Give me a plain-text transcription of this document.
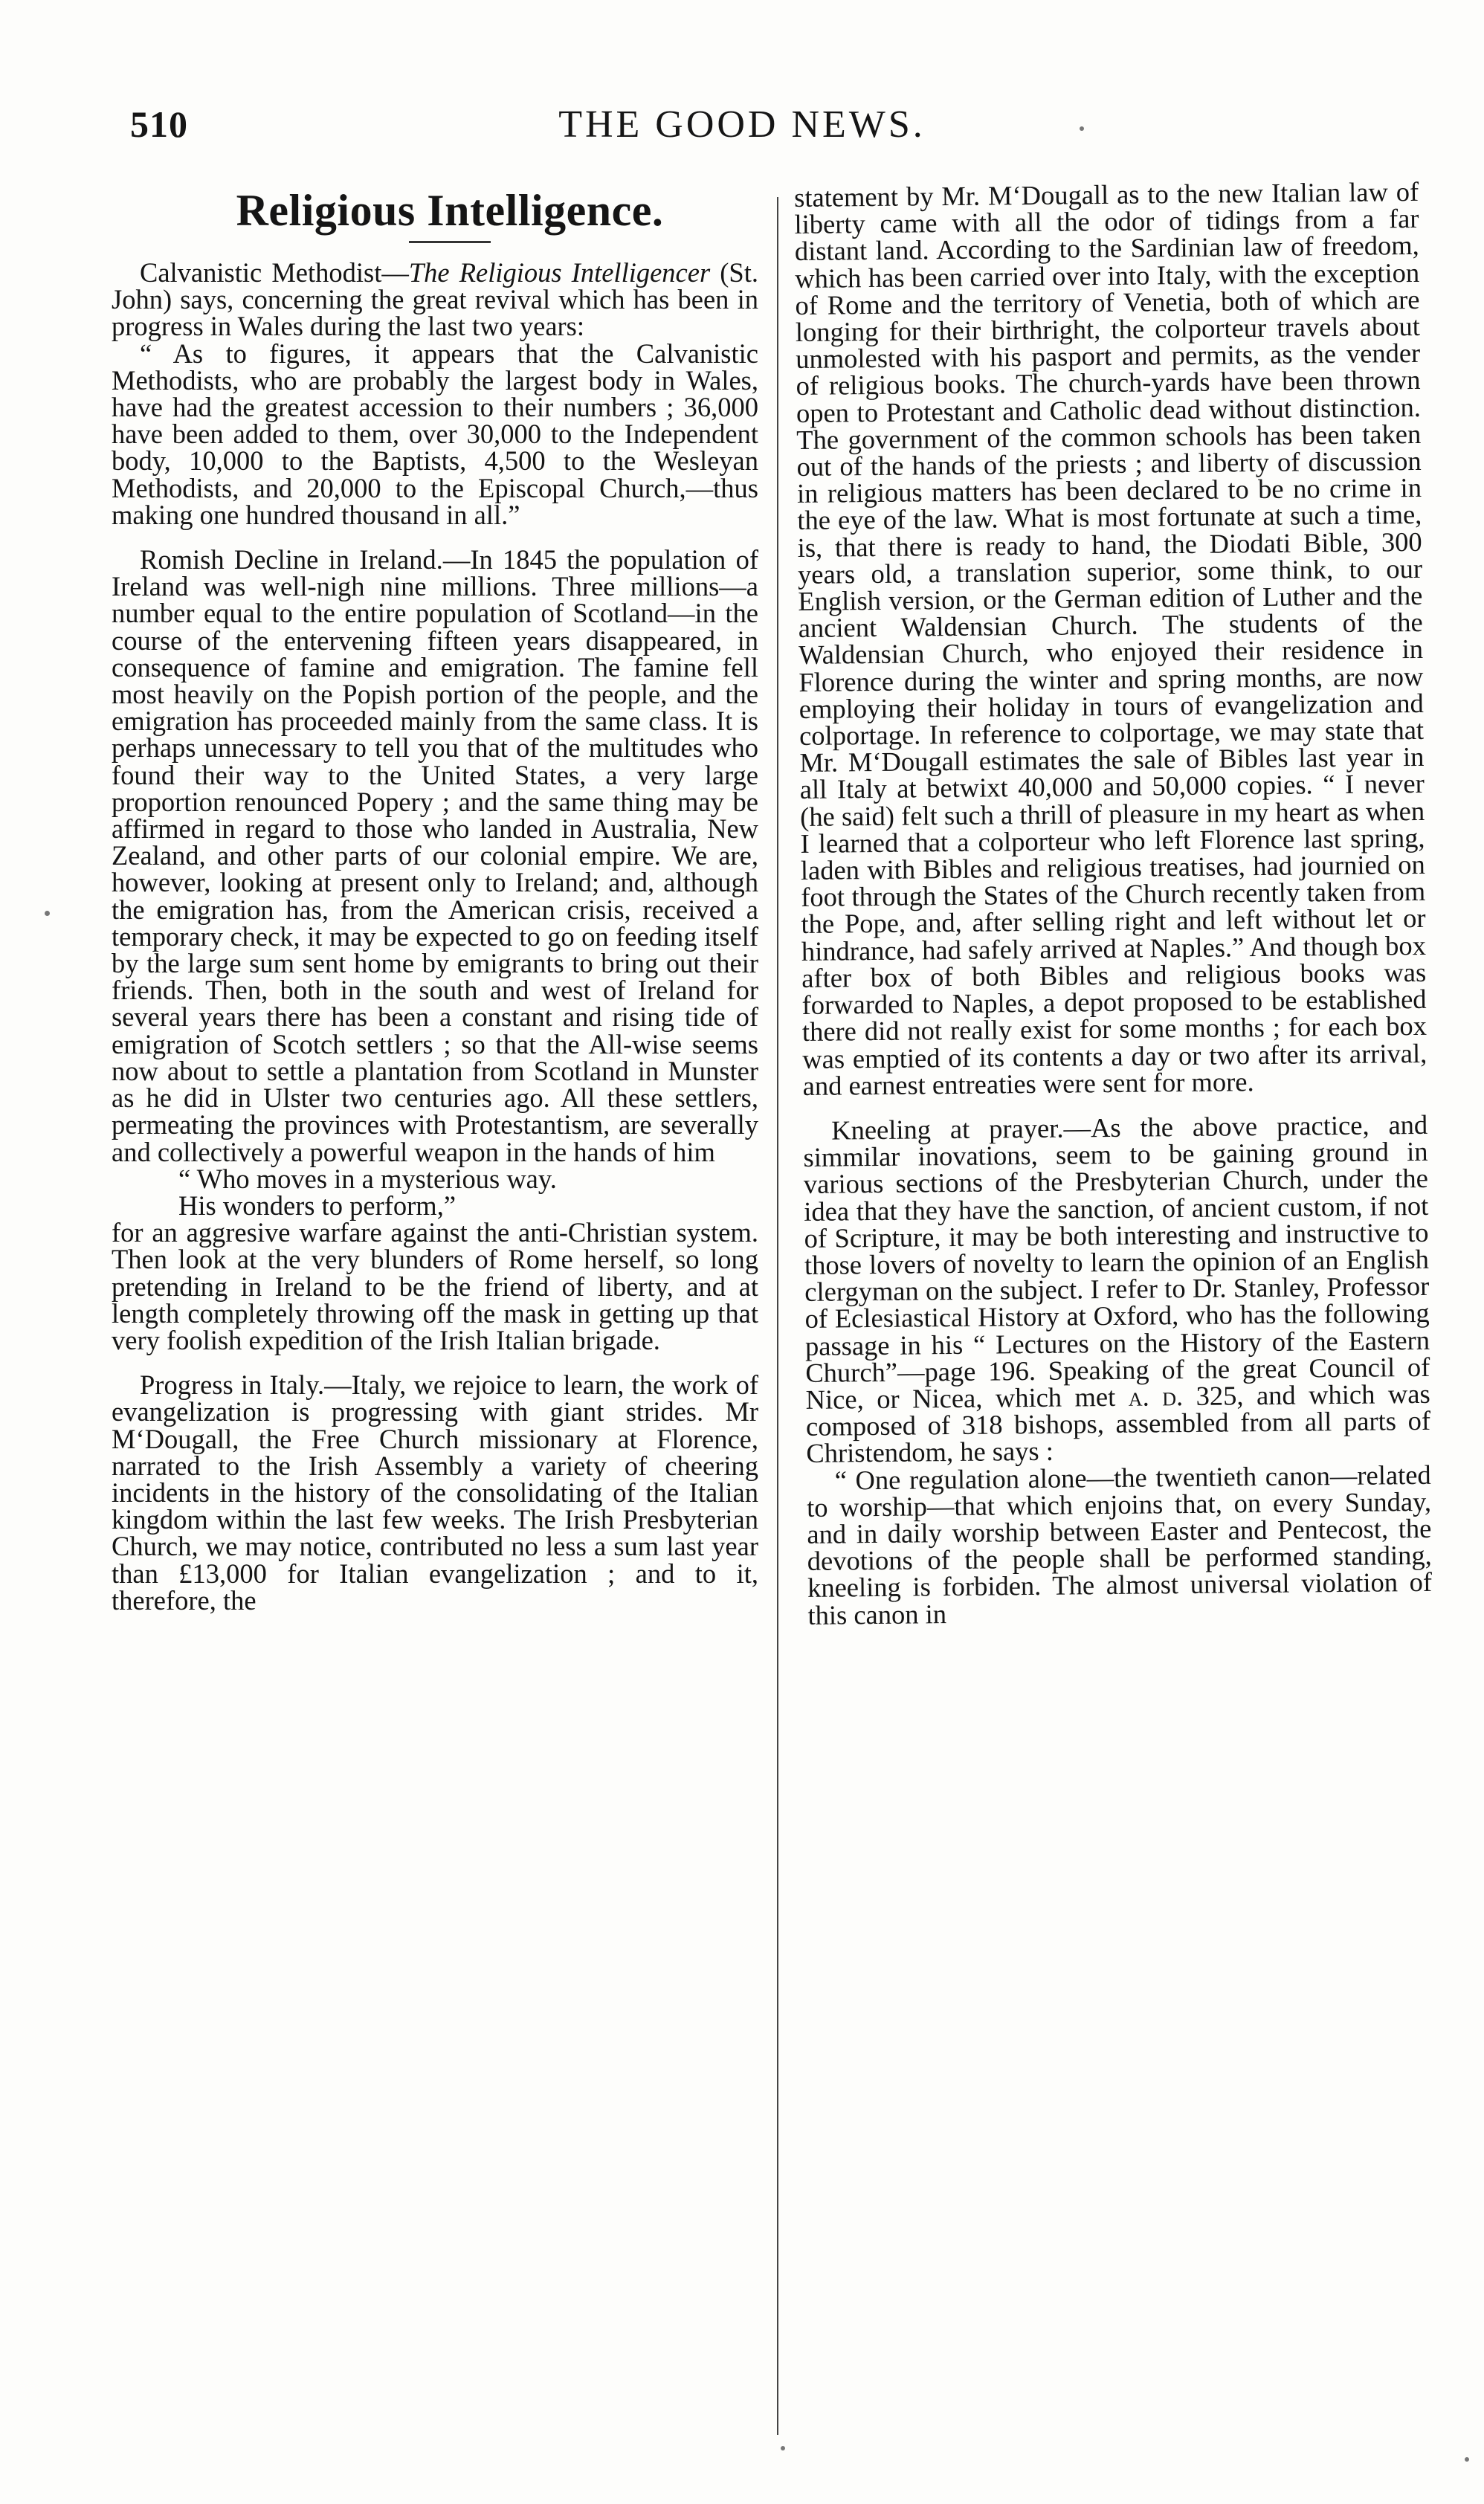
510	THE GOOD NEWS.
Religious Intelligence.

Calvanistic Methodist—The Religious Intelligencer (St. John) says, concerning the great revival which has been in progress in Wales during the last two years:

“ As to figures, it appears that the Calvanistic Methodists, who are probably the largest body in Wales, have had the greatest accession to their numbers ; 36,000 have been added to them, over 30,000 to the Independent body, 10,000 to the Baptists, 4,500 to the Wesleyan Methodists, and 20,000 to the Episcopal Church,—thus making one hundred thousand in all.”

Romish Decline in Ireland.—In 1845 the population of Ireland was well-nigh nine millions. Three millions—a number equal to the entire population of Scotland—in the course of the entervening fifteen years disappeared, in consequence of famine and emigration. The famine fell most heavily on the Popish portion of the people, and the emigration has proceeded mainly from the same class. It is perhaps unnecessary to tell you that of the multitudes who found their way to the United States, a very large proportion renounced Popery ; and the same thing may be affirmed in regard to those who landed in Australia, New Zealand, and other parts of our colonial empire. We are, however, looking at present only to Ireland; and, although the emigration has, from the American crisis, received a temporary check, it may be expected to go on feeding itself by the large sum sent home by emigrants to bring out their friends. Then, both in the south and west of Ireland for several years there has been a constant and rising tide of emigration of Scotch settlers ; so that the All-wise seems now about to settle a plantation from Scotland in Munster as he did in Ulster two centuries ago. All these settlers, permeating the provinces with Protestantism, are severally and collectively a powerful weapon in the hands of him

“ Who moves in a mysterious way.
His wonders to perform,”

for an aggresive warfare against the anti-Christian system. Then look at the very blunders of Rome herself, so long pretending in Ireland to be the friend of liberty, and at length completely throwing off the mask in getting up that very foolish expedition of the Irish Italian brigade.

Progress in Italy.—Italy, we rejoice to learn, the work of evangelization is progressing with giant strides. Mr M‘Dougall, the Free Church missionary at Florence, narrated to the Irish Assembly a variety of cheering incidents in the history of the consolidating of the Italian kingdom within the last few weeks. The Irish Presbyterian Church, we may notice, contributed no less a sum last year than £13,000 for Italian evangelization ; and to it, therefore, the

statement by Mr. M‘Dougall as to the new Italian law of liberty came with all the odor of tidings from a far distant land. According to the Sardinian law of freedom, which has been carried over into Italy, with the exception of Rome and the territory of Venetia, both of which are longing for their birthright, the colporteur travels about unmolested with his pasport and permits, as the vender of religious books. The church-yards have been thrown open to Protestant and Catholic dead without distinction. The government of the common schools has been taken out of the hands of the priests ; and liberty of discussion in religious matters has been declared to be no crime in the eye of the law. What is most fortunate at such a time, is, that there is ready to hand, the Diodati Bible, 300 years old, a translation superior, some think, to our English version, or the German edition of Luther and the ancient Waldensian Church. The students of the Waldensian Church, who enjoyed their residence in Florence during the winter and spring months, are now employing their holiday in tours of evangelization and colportage. In reference to colportage, we may state that Mr. M‘Dougall estimates the sale of Bibles last year in all Italy at betwixt 40,000 and 50,000 copies. “ I never (he said) felt such a thrill of pleasure in my heart as when I learned that a colporteur who left Florence last spring, laden with Bibles and religious treatises, had journied on foot through the States of the Church recently taken from the Pope, and, after selling right and left without let or hindrance, had safely arrived at Naples.” And though box after box of both Bibles and religious books was forwarded to Naples, a depot proposed to be established there did not really exist for some months ; for each box was emptied of its contents a day or two after its arrival, and earnest entreaties were sent for more.

Kneeling at prayer.—As the above practice, and simmilar inovations, seem to be gaining ground in various sections of the Presbyterian Church, under the idea that they have the sanction, of ancient custom, if not of Scripture, it may be both interesting and instructive to those lovers of novelty to learn the opinion of an English clergyman on the subject. I refer to Dr. Stanley, Professor of Eclesiastical History at Oxford, who has the following passage in his “ Lectures on the History of the Eastern Church”—page 196. Speaking of the great Council of Nice, or Nicea, which met a. d. 325, and which was composed of 318 bishops, assembled from all parts of Christendom, he says :

“ One regulation alone—the twentieth canon—related to worship—that which enjoins that, on every Sunday, and in daily worship between Easter and Pentecost, the devotions of the people shall be performed standing, kneeling is forbiden. The almost universal violation of this canon in
